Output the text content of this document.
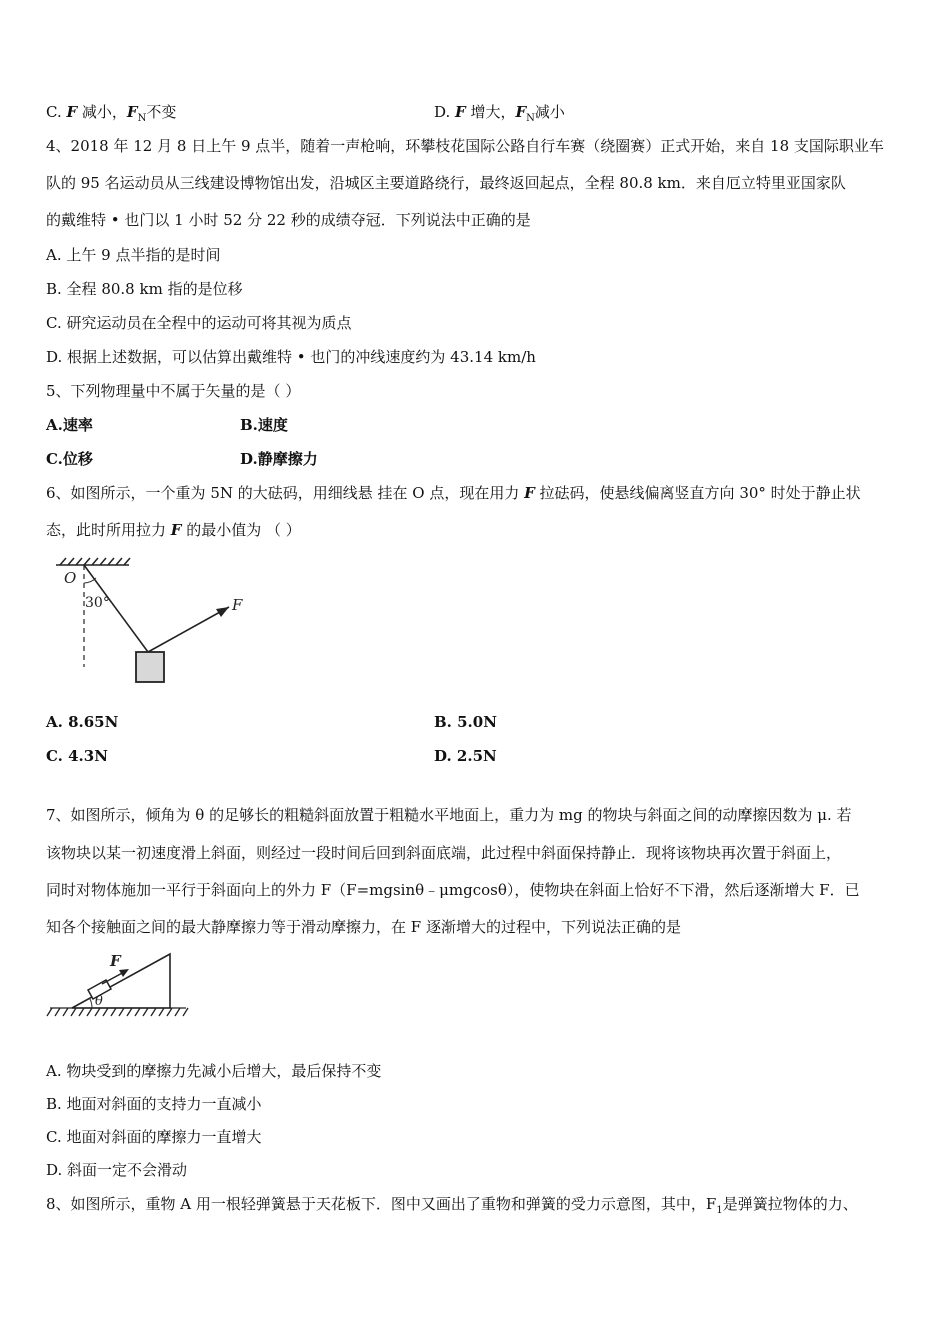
C. F 减小，$F_N$不变	D. F 增大，$F_N$减小
4、2018 年 12 月 8 日上午 9 点半，随着一声枪响，环攀枝花国际公路自行车赛（绕圈赛）正式开始，来自 18 支国际职业车
队的 95 名运动员从三线建设博物馆出发，沿城区主要道路绕行，最终返回起点，全程 80.8 km．来自厄立特里亚国家队
的戴维特 • 也门以 1 小时 52 分 22 秒的成绩夺冠．下列说法中正确的是
A. 上午 9 点半指的是时间
B. 全程 80.8 km 指的是位移
C. 研究运动员在全程中的运动可将其视为质点
D. 根据上述数据，可以估算出戴维特 • 也门的冲线速度约为 43.14 km/h
5、下列物理量中不属于矢量的是（ ）
A.速率	B.速度
C.位移	D.静摩擦力
6、如图所示，一个重为 5N 的大砝码，用细线悬 挂在 O 点，现在用力 F 拉砝码，使悬线偏离竖直方向 30° 时处于静止状
态，此时所用拉力 F 的最小值为 （ ）
O
30°	F
A. 8.65N	B. 5.0N
C. 4.3N	D. 2.5N
7、如图所示，倾角为 θ 的足够长的粗糙斜面放置于粗糙水平地面上，重力为 mg 的物块与斜面之间的动摩擦因数为 μ. 若
该物块以某一初速度滑上斜面，则经过一段时间后回到斜面底端，此过程中斜面保持静止．现将该物块再次置于斜面上，
同时对物体施加一平行于斜面向上的外力 F（F=mgsinθ﹣μmgcosθ），使物块在斜面上恰好不下滑，然后逐渐增大 F．已
知各个接触面之间的最大静摩擦力等于滑动摩擦力，在 F 逐渐增大的过程中，下列说法正确的是
F
θ
A. 物块受到的摩擦力先减小后增大，最后保持不变
B. 地面对斜面的支持力一直减小
C. 地面对斜面的摩擦力一直增大
D. 斜面一定不会滑动
8、如图所示，重物 A 用一根轻弹簧悬于天花板下．图中又画出了重物和弹簧的受力示意图，其中，$F_1$是弹簧拉物体的力、
